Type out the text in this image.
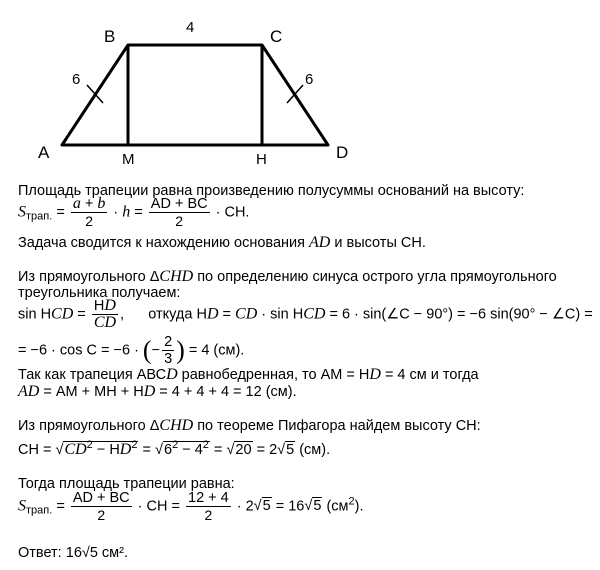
A
B	C
D
M	H
4
6	6
Площадь трапеции равна произведению полусуммы оснований на высоту:
$S_{трап.} = \frac{a + b}{2} \cdot h = \frac{AD + BC}{2}$ · СН.
Задача сводится к нахождению основания AD и высоты СН.
Из прямоугольного ΔCHD по определению синуса острого угла прямоугольного
треугольника получаем:
sin HCD = $\frac{HD}{CD}$ ,      откуда HD = CD · sin HCD = 6 · sin(∠C − 90°) = −6 sin(90° − ∠C) =
= −6 · cos C = −6 · (− $\frac{2}{3}$ ) = 4 (см).
Так как трапеция АВСD равнобедренная, то АМ = НD = 4 см и тогда
AD = АМ + МН + НD = 4 + 4 + 4 = 12 (см).
Из прямоугольного ΔCHD по теореме Пифагора найдем высоту СН:
СН = $√CD^2 - HD^2 = √6^2 - 4^2 = √20 = 2√5$ (см).
Тогда площадь трапеции равна:
$S_{трап.} = \frac{AD + BC}{2}$ · СН = $\frac{12 + 4}{2} \cdot 2√5 = 16√5$ $(см^2)$.
Ответ: 16√5 см².
